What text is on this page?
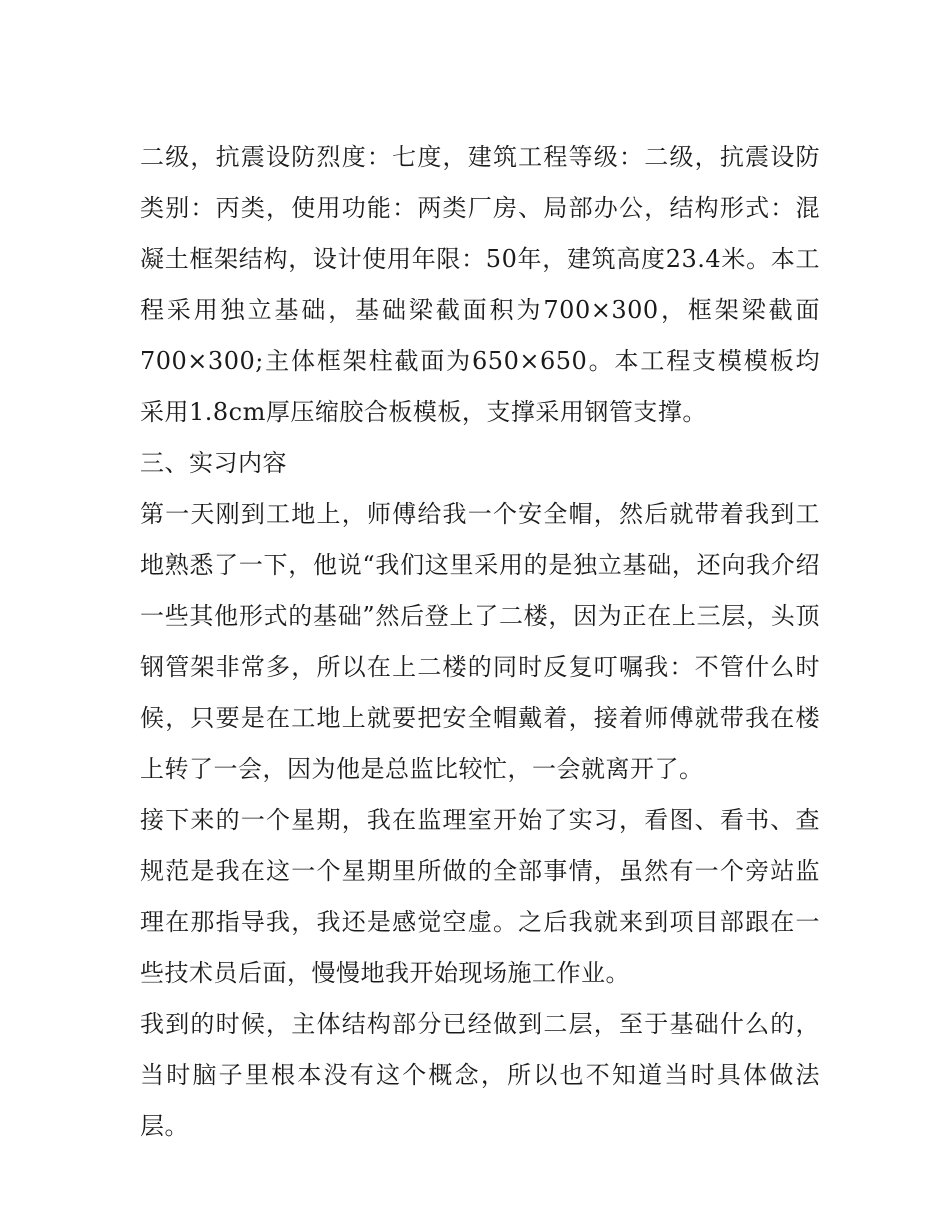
二级，抗震设防烈度：七度，建筑工程等级：二级，抗震设防类别：丙类，使用功能：两类厂房、局部办公，结构形式：混凝土框架结构，设计使用年限：50年，建筑高度23.4米。本工程采用独立基础，基础梁截面积为700×300，框架梁截面700×300;主体框架柱截面为650×650。本工程支模模板均采用1.8cm厚压缩胶合板模板，支撑采用钢管支撑。

三、实习内容

第一天刚到工地上，师傅给我一个安全帽，然后就带着我到工地熟悉了一下，他说“我们这里采用的是独立基础，还向我介绍一些其他形式的基础”然后登上了二楼，因为正在上三层，头顶钢管架非常多，所以在上二楼的同时反复叮嘱我：不管什么时候，只要是在工地上就要把安全帽戴着，接着师傅就带我在楼上转了一会，因为他是总监比较忙，一会就离开了。

接下来的一个星期，我在监理室开始了实习，看图、看书、查规范是我在这一个星期里所做的全部事情，虽然有一个旁站监理在那指导我，我还是感觉空虚。之后我就来到项目部跟在一些技术员后面，慢慢地我开始现场施工作业。

我到的时候，主体结构部分已经做到二层，至于基础什么的，当时脑子里根本没有这个概念，所以也不知道当时具体做法层。
